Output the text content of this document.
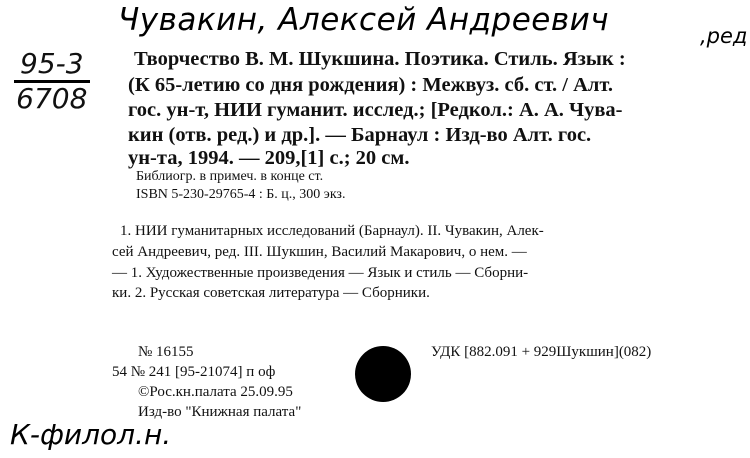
Чувакин, Алексей Андреевич	,ред
95-3
6708
Творчество В. М. Шукшина. Поэтика. Стиль. Язык :
(К 65-летию со дня рождения) : Межвуз. сб. ст. / Алт.
гос. ун-т, НИИ гуманит. исслед.; [Редкол.: А. А. Чува-
кин (отв. ред.) и др.]. — Барнаул : Изд-во Алт. гос.
ун-та, 1994. — 209,[1] с.; 20 см.
Библиогр. в примеч. в конце ст.
ISBN 5-230-29765-4 : Б. ц., 300 экз.
1. НИИ гуманитарных исследований (Барнаул). II. Чувакин, Алек-
сей Андреевич, ред. III. Шукшин, Василий Макарович, о нем. —
— 1. Художественные произведения — Язык и стиль — Сборни-
ки. 2. Русская советская литература — Сборники.
№ 16155	УДК [882.091 + 929Шукшин](082)
54 № 241 [95-21074] п оф
©Рос.кн.палата 25.09.95
Изд-во "Книжная палата"
К-филол.н.
